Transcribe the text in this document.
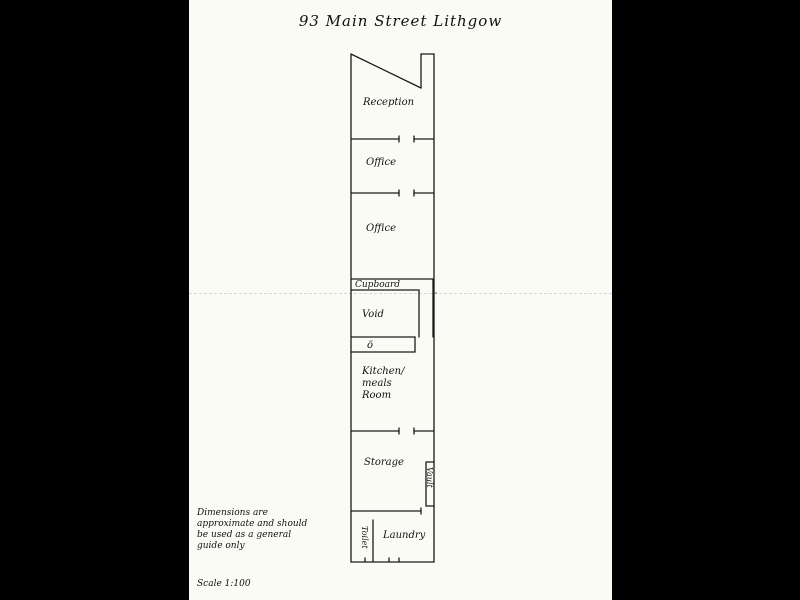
93 Main Street Lithgow
Reception
Office
Office
Cupboard
Void
ö
Kitchen/
meals
Room
Storage
Vault
Laundry
Toilet
Dimensions are approximate and should be used as a general guide only
Scale 1:100
